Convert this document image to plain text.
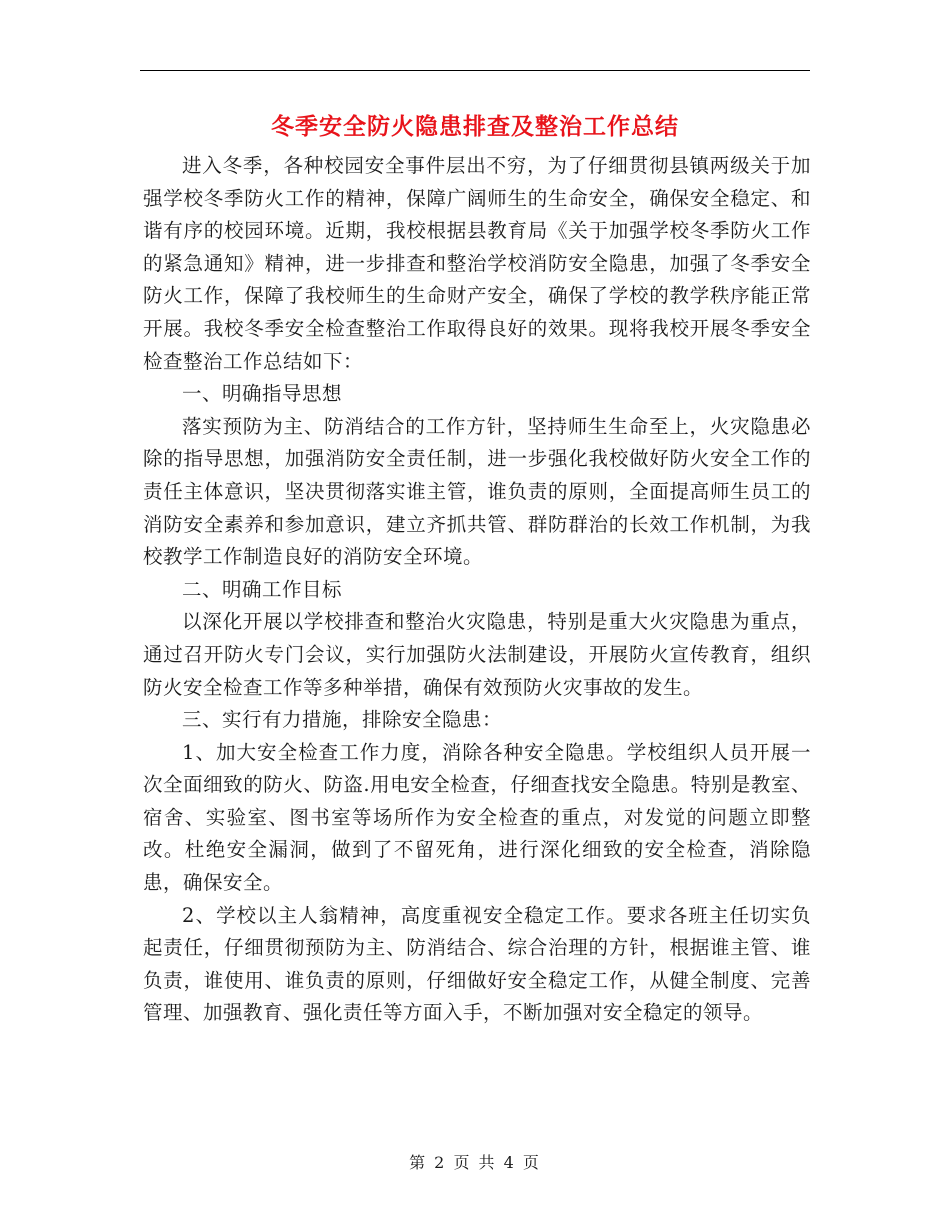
冬季安全防火隐患排查及整治工作总结

进入冬季，各种校园安全事件层出不穷，为了仔细贯彻县镇两级关于加强学校冬季防火工作的精神，保障广阔师生的生命安全，确保安全稳定、和谐有序的校园环境。近期，我校根据县教育局《关于加强学校冬季防火工作的紧急通知》精神，进一步排查和整治学校消防安全隐患，加强了冬季安全防火工作，保障了我校师生的生命财产安全，确保了学校的教学秩序能正常开展。我校冬季安全检查整治工作取得良好的效果。现将我校开展冬季安全检查整治工作总结如下：

一、明确指导思想

落实预防为主、防消结合的工作方针，坚持师生生命至上，火灾隐患必除的指导思想，加强消防安全责任制，进一步强化我校做好防火安全工作的责任主体意识，坚决贯彻落实谁主管，谁负责的原则，全面提高师生员工的消防安全素养和参加意识，建立齐抓共管、群防群治的长效工作机制，为我校教学工作制造良好的消防安全环境。

二、明确工作目标

以深化开展以学校排查和整治火灾隐患，特别是重大火灾隐患为重点，通过召开防火专门会议，实行加强防火法制建设，开展防火宣传教育，组织防火安全检查工作等多种举措，确保有效预防火灾事故的发生。

三、实行有力措施，排除安全隐患：

1、加大安全检查工作力度，消除各种安全隐患。学校组织人员开展一次全面细致的防火、防盗.用电安全检查，仔细查找安全隐患。特别是教室、宿舍、实验室、图书室等场所作为安全检查的重点，对发觉的问题立即整改。杜绝安全漏洞，做到了不留死角，进行深化细致的安全检查，消除隐患，确保安全。

2、学校以主人翁精神，高度重视安全稳定工作。要求各班主任切实负起责任，仔细贯彻预防为主、防消结合、综合治理的方针，根据谁主管、谁负责，谁使用、谁负责的原则，仔细做好安全稳定工作，从健全制度、完善管理、加强教育、强化责任等方面入手，不断加强对安全稳定的领导。

第 2 页 共 4 页
